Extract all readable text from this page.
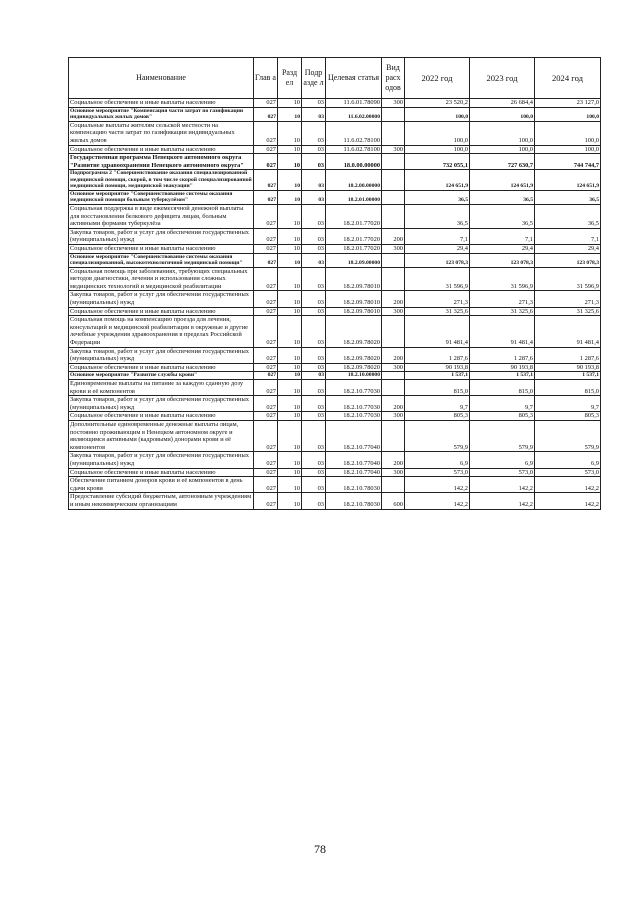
Наименование	Глав а	Разд ел	Подр азде л	Целевая статья	Вид расх одов	2022 год	2023 год	2024 год
Социальное обеспечение и иные выплаты населению	027	10	03	11.6.01.78090	300	23 520,2	26 684,4	23 127,0
Основное мероприятие "Компенсация части затрат по газификации индивидуальных жилых домов"	027	10	03	11.6.02.00000		100,0	100,0	100,0
Социальные выплаты жителям сельской местности на компенсацию части затрат по газификации индивидуальных жилых домов	027	10	03	11.6.02.78100		100,0	100,0	100,0
Социальное обеспечение и иные выплаты населению	027	10	03	11.6.02.78100	300	100,0	100,0	100,0
Государственная программа Ненецкого автономного округа "Развитие здравоохранения Ненецкого автономного округа"	027	10	03	18.0.00.00000		732 055,1	727 630,7	744 744,7
Подпрограмма 2 "Совершенствование оказания специализированной медицинской помощи, скорой, в том числе скорой специализированной медицинской помощи, медицинской эвакуации"	027	10	03	18.2.00.00000		124 651,9	124 651,9	124 651,9
Основное мероприятие "Совершенствование системы оказания медицинской помощи больным туберкулёзом"	027	10	03	18.2.01.00000		36,5	36,5	36,5
Социальная поддержка в виде ежемесячной денежной выплаты для восстановления белкового дефицита лицам, больным активными формами туберкулёза	027	10	03	18.2.01.77020		36,5	36,5	36,5
Закупка товаров, работ и услуг для обеспечения государственных (муниципальных) нужд	027	10	03	18.2.01.77020	200	7,1	7,1	7,1
Социальное обеспечение и иные выплаты населению	027	10	03	18.2.01.77020	300	29,4	29,4	29,4
Основное мероприятие "Совершенствование системы оказания специализированной, высокотехнологичной медицинской помощи"	027	10	03	18.2.09.00000		123 078,3	123 078,3	123 078,3
Социальная помощь при заболеваниях, требующих специальных методов диагностики, лечения и использования сложных медицинских технологий и медицинской реабилитации	027	10	03	18.2.09.78010		31 596,9	31 596,9	31 596,9
Закупка товаров, работ и услуг для обеспечения государственных (муниципальных) нужд	027	10	03	18.2.09.78010	200	271,3	271,3	271,3
Социальное обеспечение и иные выплаты населению	027	10	03	18.2.09.78010	300	31 325,6	31 325,6	31 325,6
Социальная помощь на компенсацию проезда для лечения, консультаций и медицинской реабилитации в окружные и другие лечебные учреждения здравоохранения в пределах Российской Федерации	027	10	03	18.2.09.78020		91 481,4	91 481,4	91 481,4
Закупка товаров, работ и услуг для обеспечения государственных (муниципальных) нужд	027	10	03	18.2.09.78020	200	1 287,6	1 287,6	1 287,6
Социальное обеспечение и иные выплаты населению	027	10	03	18.2.09.78020	300	90 193,8	90 193,8	90 193,8
Основное мероприятие "Развитие службы крови"	027	10	03	18.2.10.00000		1 537,1	1 537,1	1 537,1
Единовременные выплаты на питание за каждую сданную дозу крови и её компонентов	027	10	03	18.2.10.77030		815,0	815,0	815,0
Закупка товаров, работ и услуг для обеспечения государственных (муниципальных) нужд	027	10	03	18.2.10.77030	200	9,7	9,7	9,7
Социальное обеспечение и иные выплаты населению	027	10	03	18.2.10.77030	300	805,3	805,3	805,3
Дополнительные единовременные денежные выплаты лицам, постоянно проживающим в Ненецком автономном округе и являющимся активными (кадровыми) донорами крови и её компонентов	027	10	03	18.2.10.77040		579,9	579,9	579,9
Закупка товаров, работ и услуг для обеспечения государственных (муниципальных) нужд	027	10	03	18.2.10.77040	200	6,9	6,9	6,9
Социальное обеспечение и иные выплаты населению	027	10	03	18.2.10.77040	300	573,0	573,0	573,0
Обеспечение питанием доноров крови и её компонентов в день сдачи крови	027	10	03	18.2.10.78030		142,2	142,2	142,2
Предоставление субсидий бюджетным, автономным учреждениям и иным некоммерческим организациям	027	10	03	18.2.10.78030	600	142,2	142,2	142,2
78
